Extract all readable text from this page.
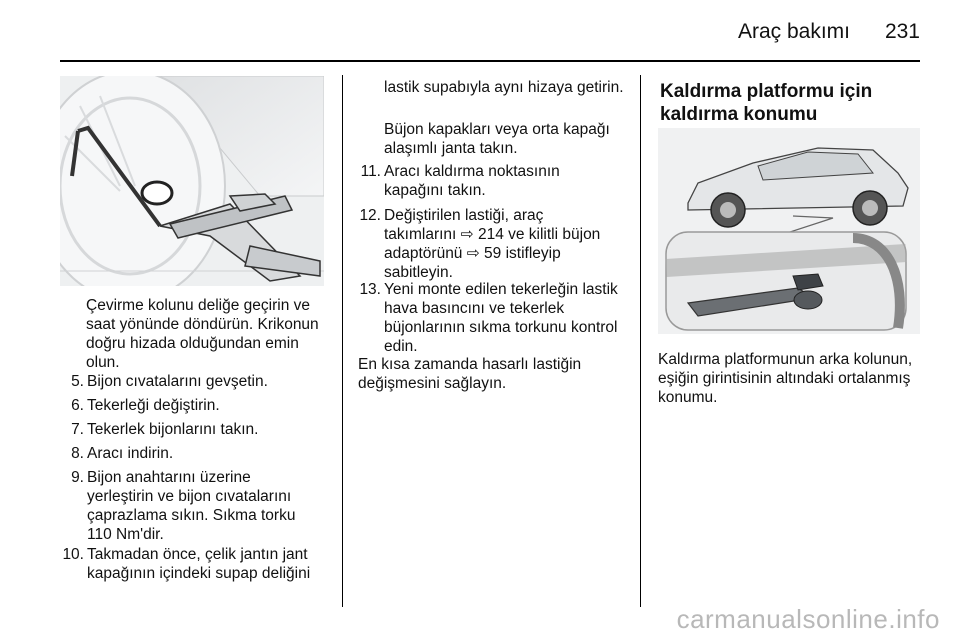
Araç bakımı 231
Çevirme kolunu deliğe geçirin ve saat yönünde döndürün. Krikonun doğru hizada olduğundan emin olun.
5. Bijon cıvatalarını gevşetin.
6. Tekerleği değiştirin.
7. Tekerlek bijonlarını takın.
8. Aracı indirin.
9. Bijon anahtarını üzerine yerleştirin ve bijon cıvatalarını çaprazlama sıkın. Sıkma torku 110 Nm'dir.
10. Takmadan önce, çelik jantın jant kapağının içindeki supap deliğini
lastik supabıyla aynı hizaya getirin.
Büjon kapakları veya orta kapağı alaşımlı janta takın.
11. Aracı kaldırma noktasının kapağını takın.
12. Değiştirilen lastiği, araç takımlarını ⇨ 214 ve kilitli büjon adaptörünü ⇨ 59 istifleyip sabitleyin.
13. Yeni monte edilen tekerleğin lastik hava basıncını ve tekerlek büjonlarının sıkma torkunu kontrol edin.
En kısa zamanda hasarlı lastiğin değişmesini sağlayın.
Kaldırma platformu için kaldırma konumu
Kaldırma platformunun arka kolunun, eşiğin girintisinin altındaki ortalanmış konumu.
carmanualsonline.info
